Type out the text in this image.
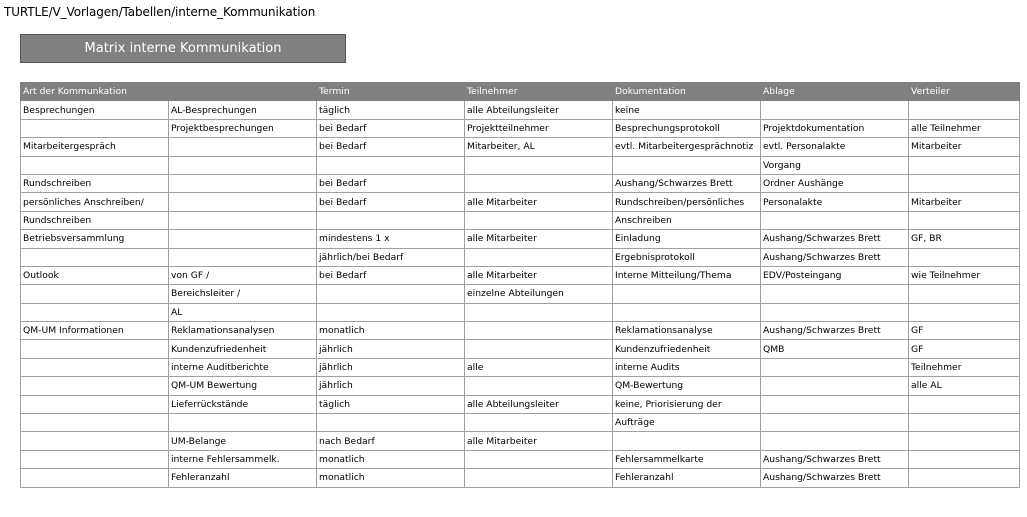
TURTLE/V_Vorlagen/Tabellen/interne_Kommunikation
Matrix interne Kommunikation
Art der Kommunkation		Termin	Teilnehmer	Dokumentation	Ablage	Verteiler
Besprechungen	AL-Besprechungen	täglich	alle Abteilungsleiter	keine		
	Projektbesprechungen	bei Bedarf	Projektteilnehmer	Besprechungsprotokoll	Projektdokumentation	alle Teilnehmer
Mitarbeitergespräch		bei Bedarf	Mitarbeiter, AL	evtl. Mitarbeitergesprächnotiz	evtl. Personalakte	Mitarbeiter
					Vorgang	
Rundschreiben		bei Bedarf		Aushang/Schwarzes Brett	Ordner Aushänge	
persönliches Anschreiben/		bei Bedarf	alle Mitarbeiter	Rundschreiben/persönliches	Personalakte	Mitarbeiter
Rundschreiben				Anschreiben		
Betriebsversammlung		mindestens 1 x	alle Mitarbeiter	Einladung	Aushang/Schwarzes Brett	GF, BR
		jährlich/bei Bedarf		Ergebnisprotokoll	Aushang/Schwarzes Brett	
Outlook	von GF /	bei Bedarf	alle Mitarbeiter	Interne Mitteilung/Thema	EDV/Posteingang	wie Teilnehmer
	Bereichsleiter /		einzelne Abteilungen			
	AL					
QM-UM Informationen	Reklamationsanalysen	monatlich		Reklamationsanalyse	Aushang/Schwarzes Brett	GF
	Kundenzufriedenheit	jährlich		Kundenzufriedenheit	QMB	GF
	interne Auditberichte	jährlich	alle	interne Audits		Teilnehmer
	QM-UM Bewertung	jährlich		QM-Bewertung		alle AL
	Lieferrückstände	täglich	alle Abteilungsleiter	keine, Priorisierung der		
				Aufträge		
	UM-Belange	nach Bedarf	alle Mitarbeiter			
	interne Fehlersammelk.	monatlich		Fehlersammelkarte	Aushang/Schwarzes Brett	
	Fehleranzahl	monatlich		Fehleranzahl	Aushang/Schwarzes Brett	
